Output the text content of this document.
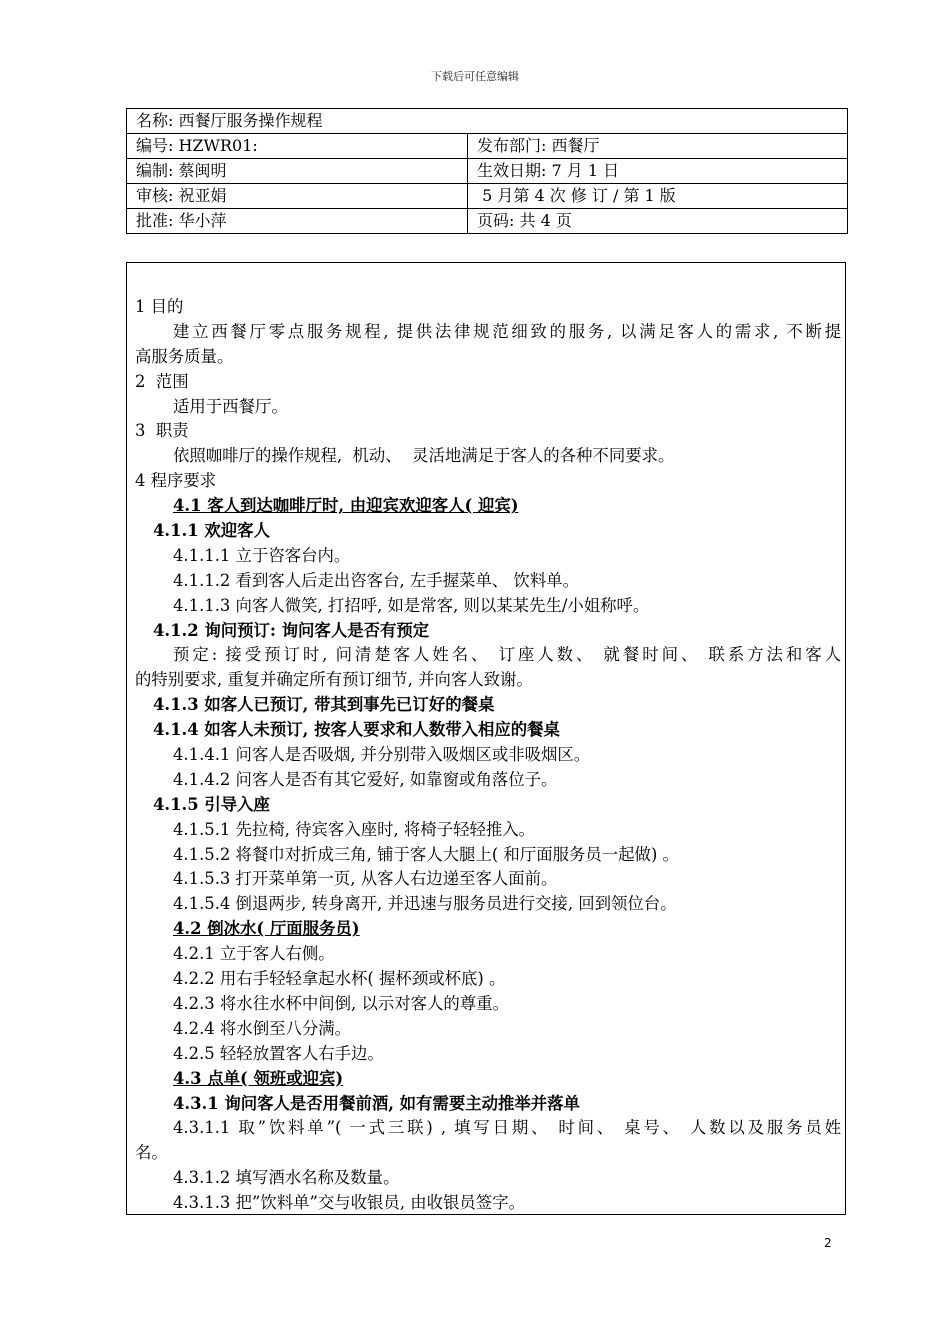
下载后可任意编辑
名称: 西餐厅服务操作规程	
编号: HZWR01:	发布部门: 西餐厅
编制: 蔡闽明	生效日期: 7 月 1 日
审核: 祝亚娟	5 月第 4 次 修 订 / 第 1 版
批准: 华小萍	页码: 共 4 页
1 目的
建立西餐厅零点服务规程, 提供法律规范细致的服务, 以满足客人的需求, 不断提
高服务质量。
2  范围
适用于西餐厅。
3  职责
依照咖啡厅的操作规程,  机动、  灵活地满足于客人的各种不同要求。
4 程序要求
4.1 客人到达咖啡厅时, 由迎宾欢迎客人( 迎宾)
4.1.1 欢迎客人
4.1.1.1 立于咨客台内。
4.1.1.2 看到客人后走出咨客台, 左手握菜单、 饮料单。
4.1.1.3 向客人微笑, 打招呼, 如是常客, 则以某某先生/小姐称呼。
4.1.2 询问预订: 询问客人是否有预定
预定: 接受预订时, 问清楚客人姓名、 订座人数、 就餐时间、 联系方法和客人
的特别要求, 重复并确定所有预订细节, 并向客人致谢。
4.1.3 如客人已预订, 带其到事先已订好的餐桌
4.1.4 如客人未预订, 按客人要求和人数带入相应的餐桌
4.1.4.1 问客人是否吸烟, 并分别带入吸烟区或非吸烟区。
4.1.4.2 问客人是否有其它爱好, 如靠窗或角落位子。
4.1.5 引导入座
4.1.5.1 先拉椅, 待宾客入座时, 将椅子轻轻推入。
4.1.5.2 将餐巾对折成三角, 铺于客人大腿上( 和厅面服务员一起做) 。
4.1.5.3 打开菜单第一页, 从客人右边递至客人面前。
4.1.5.4 倒退两步, 转身离开, 并迅速与服务员进行交接, 回到领位台。
4.2 倒冰水( 厅面服务员)
4.2.1 立于客人右侧。
4.2.2 用右手轻轻拿起水杯( 握杯颈或杯底) 。
4.2.3 将水往水杯中间倒, 以示对客人的尊重。
4.2.4 将水倒至八分满。
4.2.5 轻轻放置客人右手边。
4.3 点单( 领班或迎宾)
4.3.1 询问客人是否用餐前酒, 如有需要主动推举并落单
4.3.1.1 取”饮料单”( 一式三联) , 填写日期、 时间、 桌号、 人数以及服务员姓
名。
4.3.1.2 填写酒水名称及数量。
4.3.1.3 把”饮料单”交与收银员, 由收银员签字。
2
